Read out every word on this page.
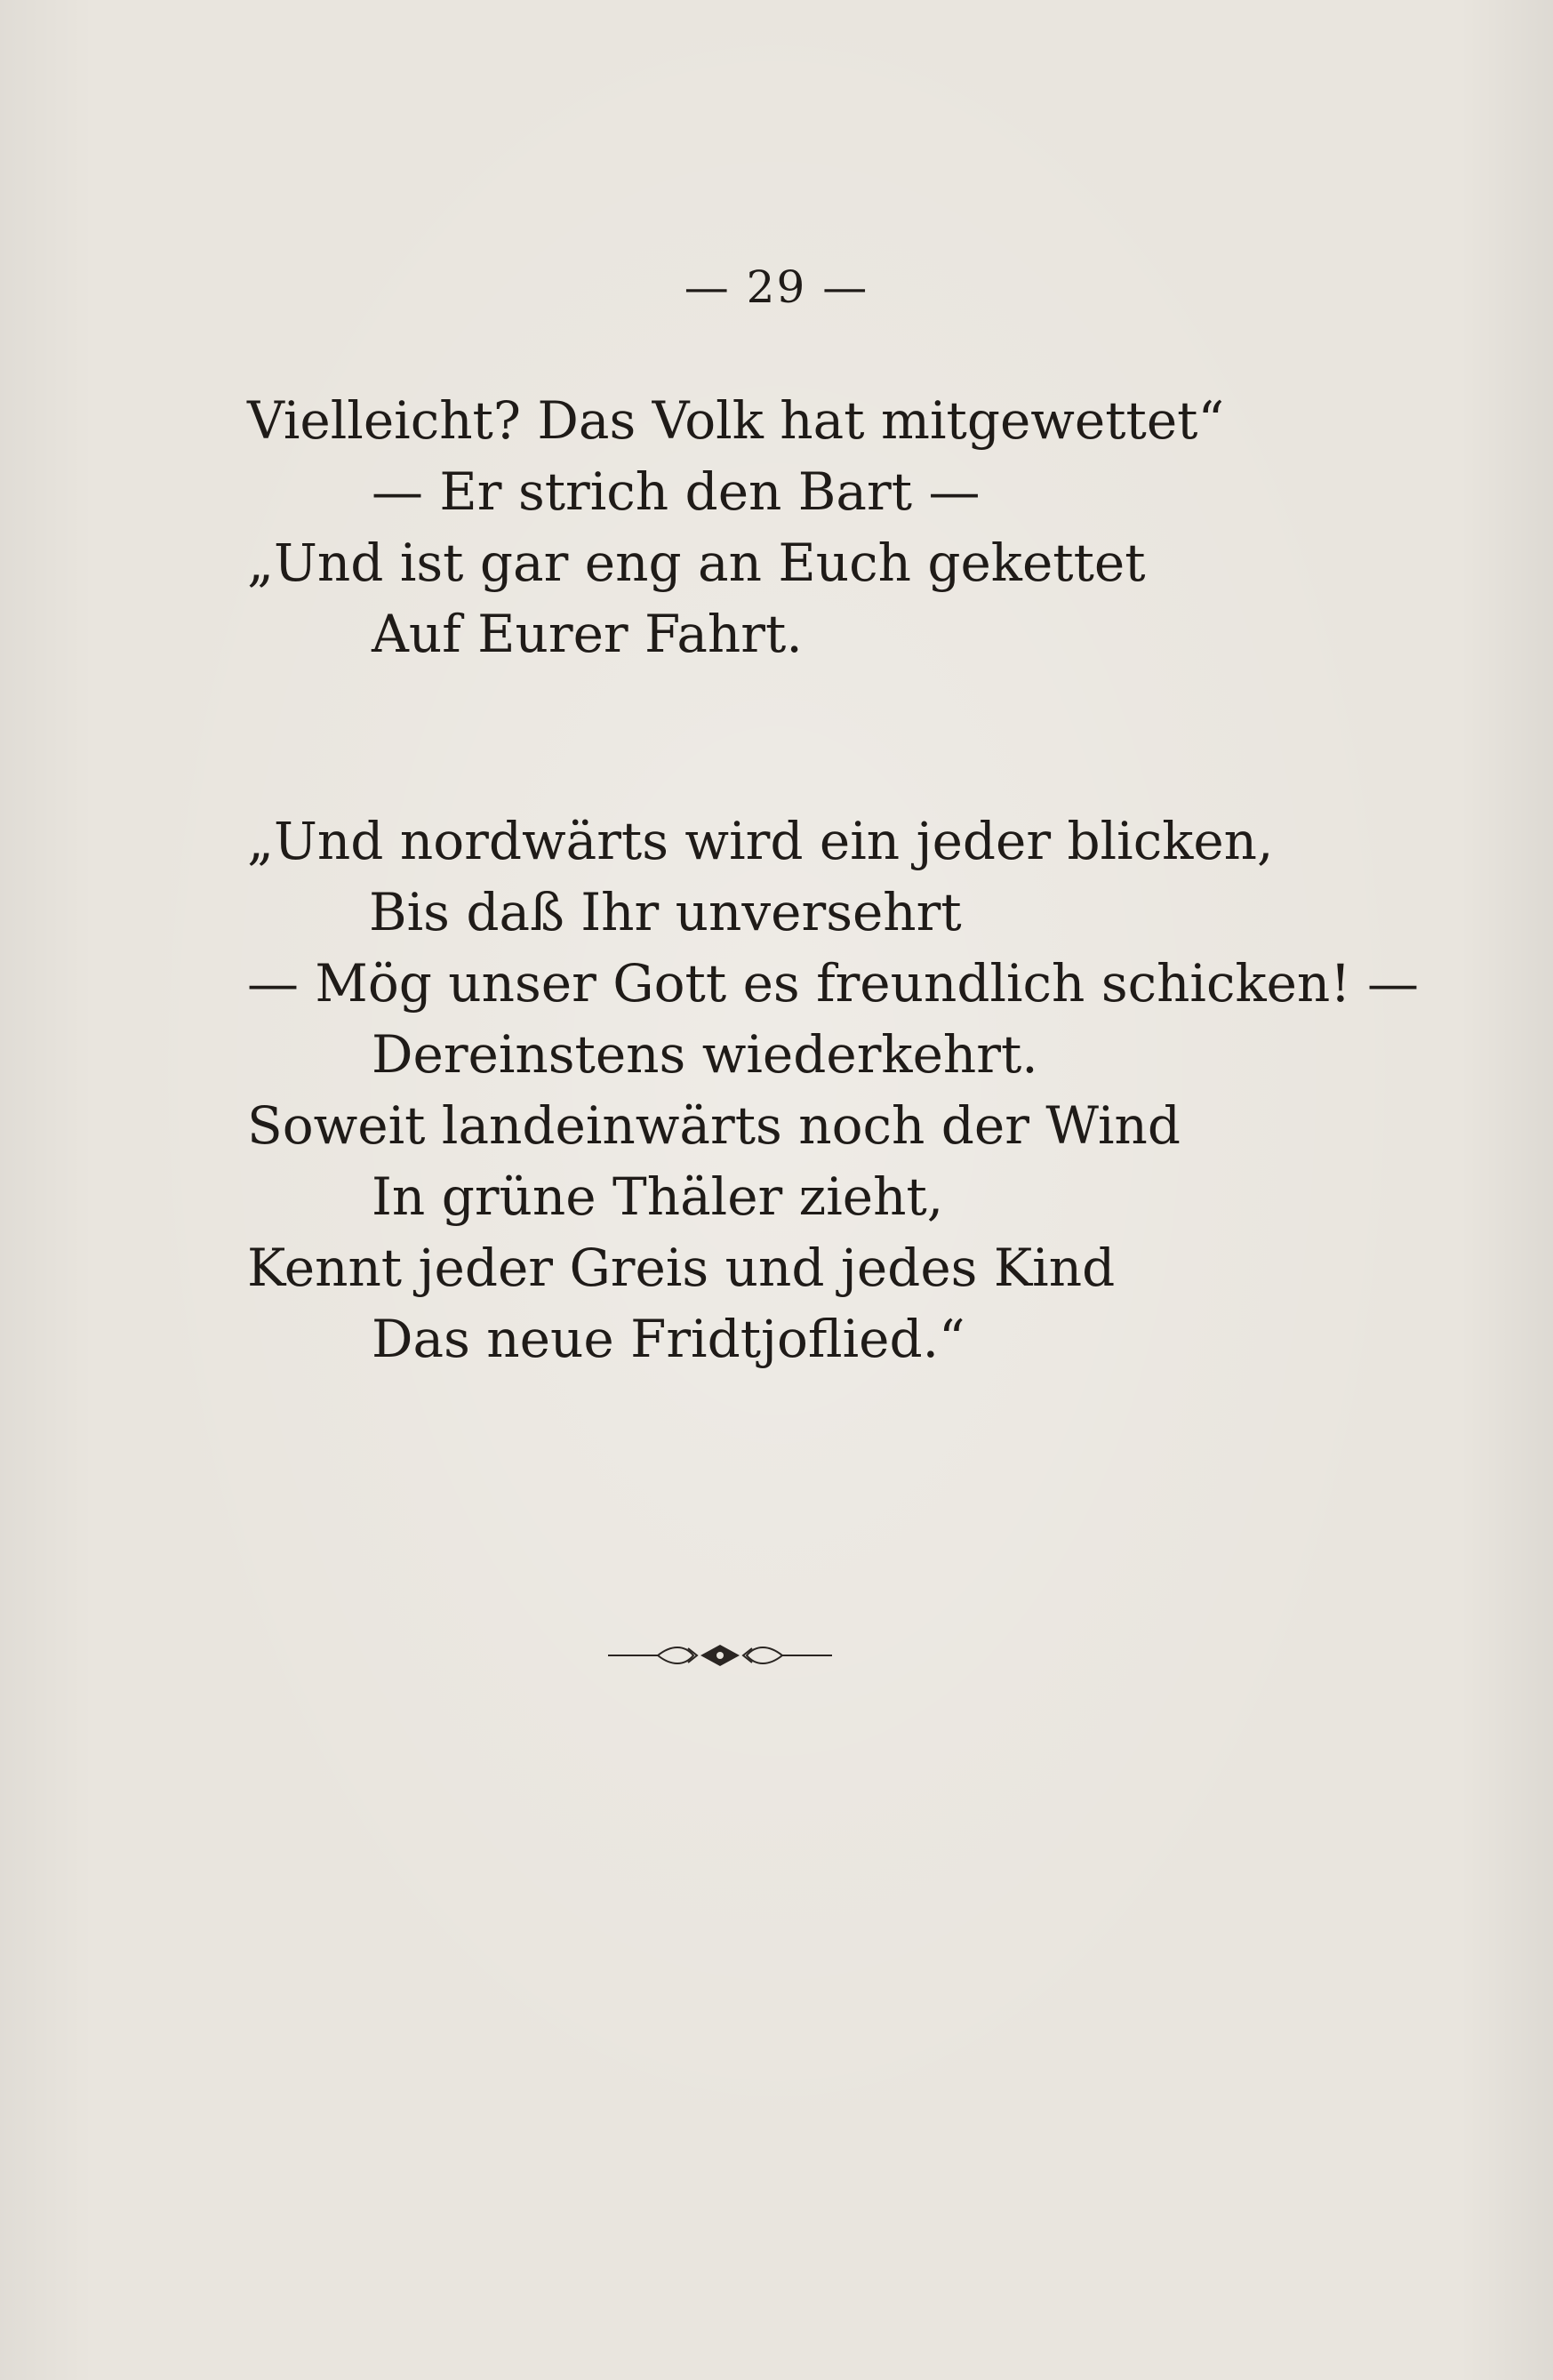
— 29 —
Vielleicht? Das Volk hat mitgewettet“
— Er strich den Bart —
„Und ist gar eng an Euch gekettet
Auf Eurer Fahrt.
„Und nordwärts wird ein jeder blicken,
Bis daß Ihr unversehrt
— Mög unser Gott es freundlich schicken! —
Dereinstens wiederkehrt.
Soweit landeinwärts noch der Wind
In grüne Thäler zieht,
Kennt jeder Greis und jedes Kind
Das neue Fridtjoflied.“
